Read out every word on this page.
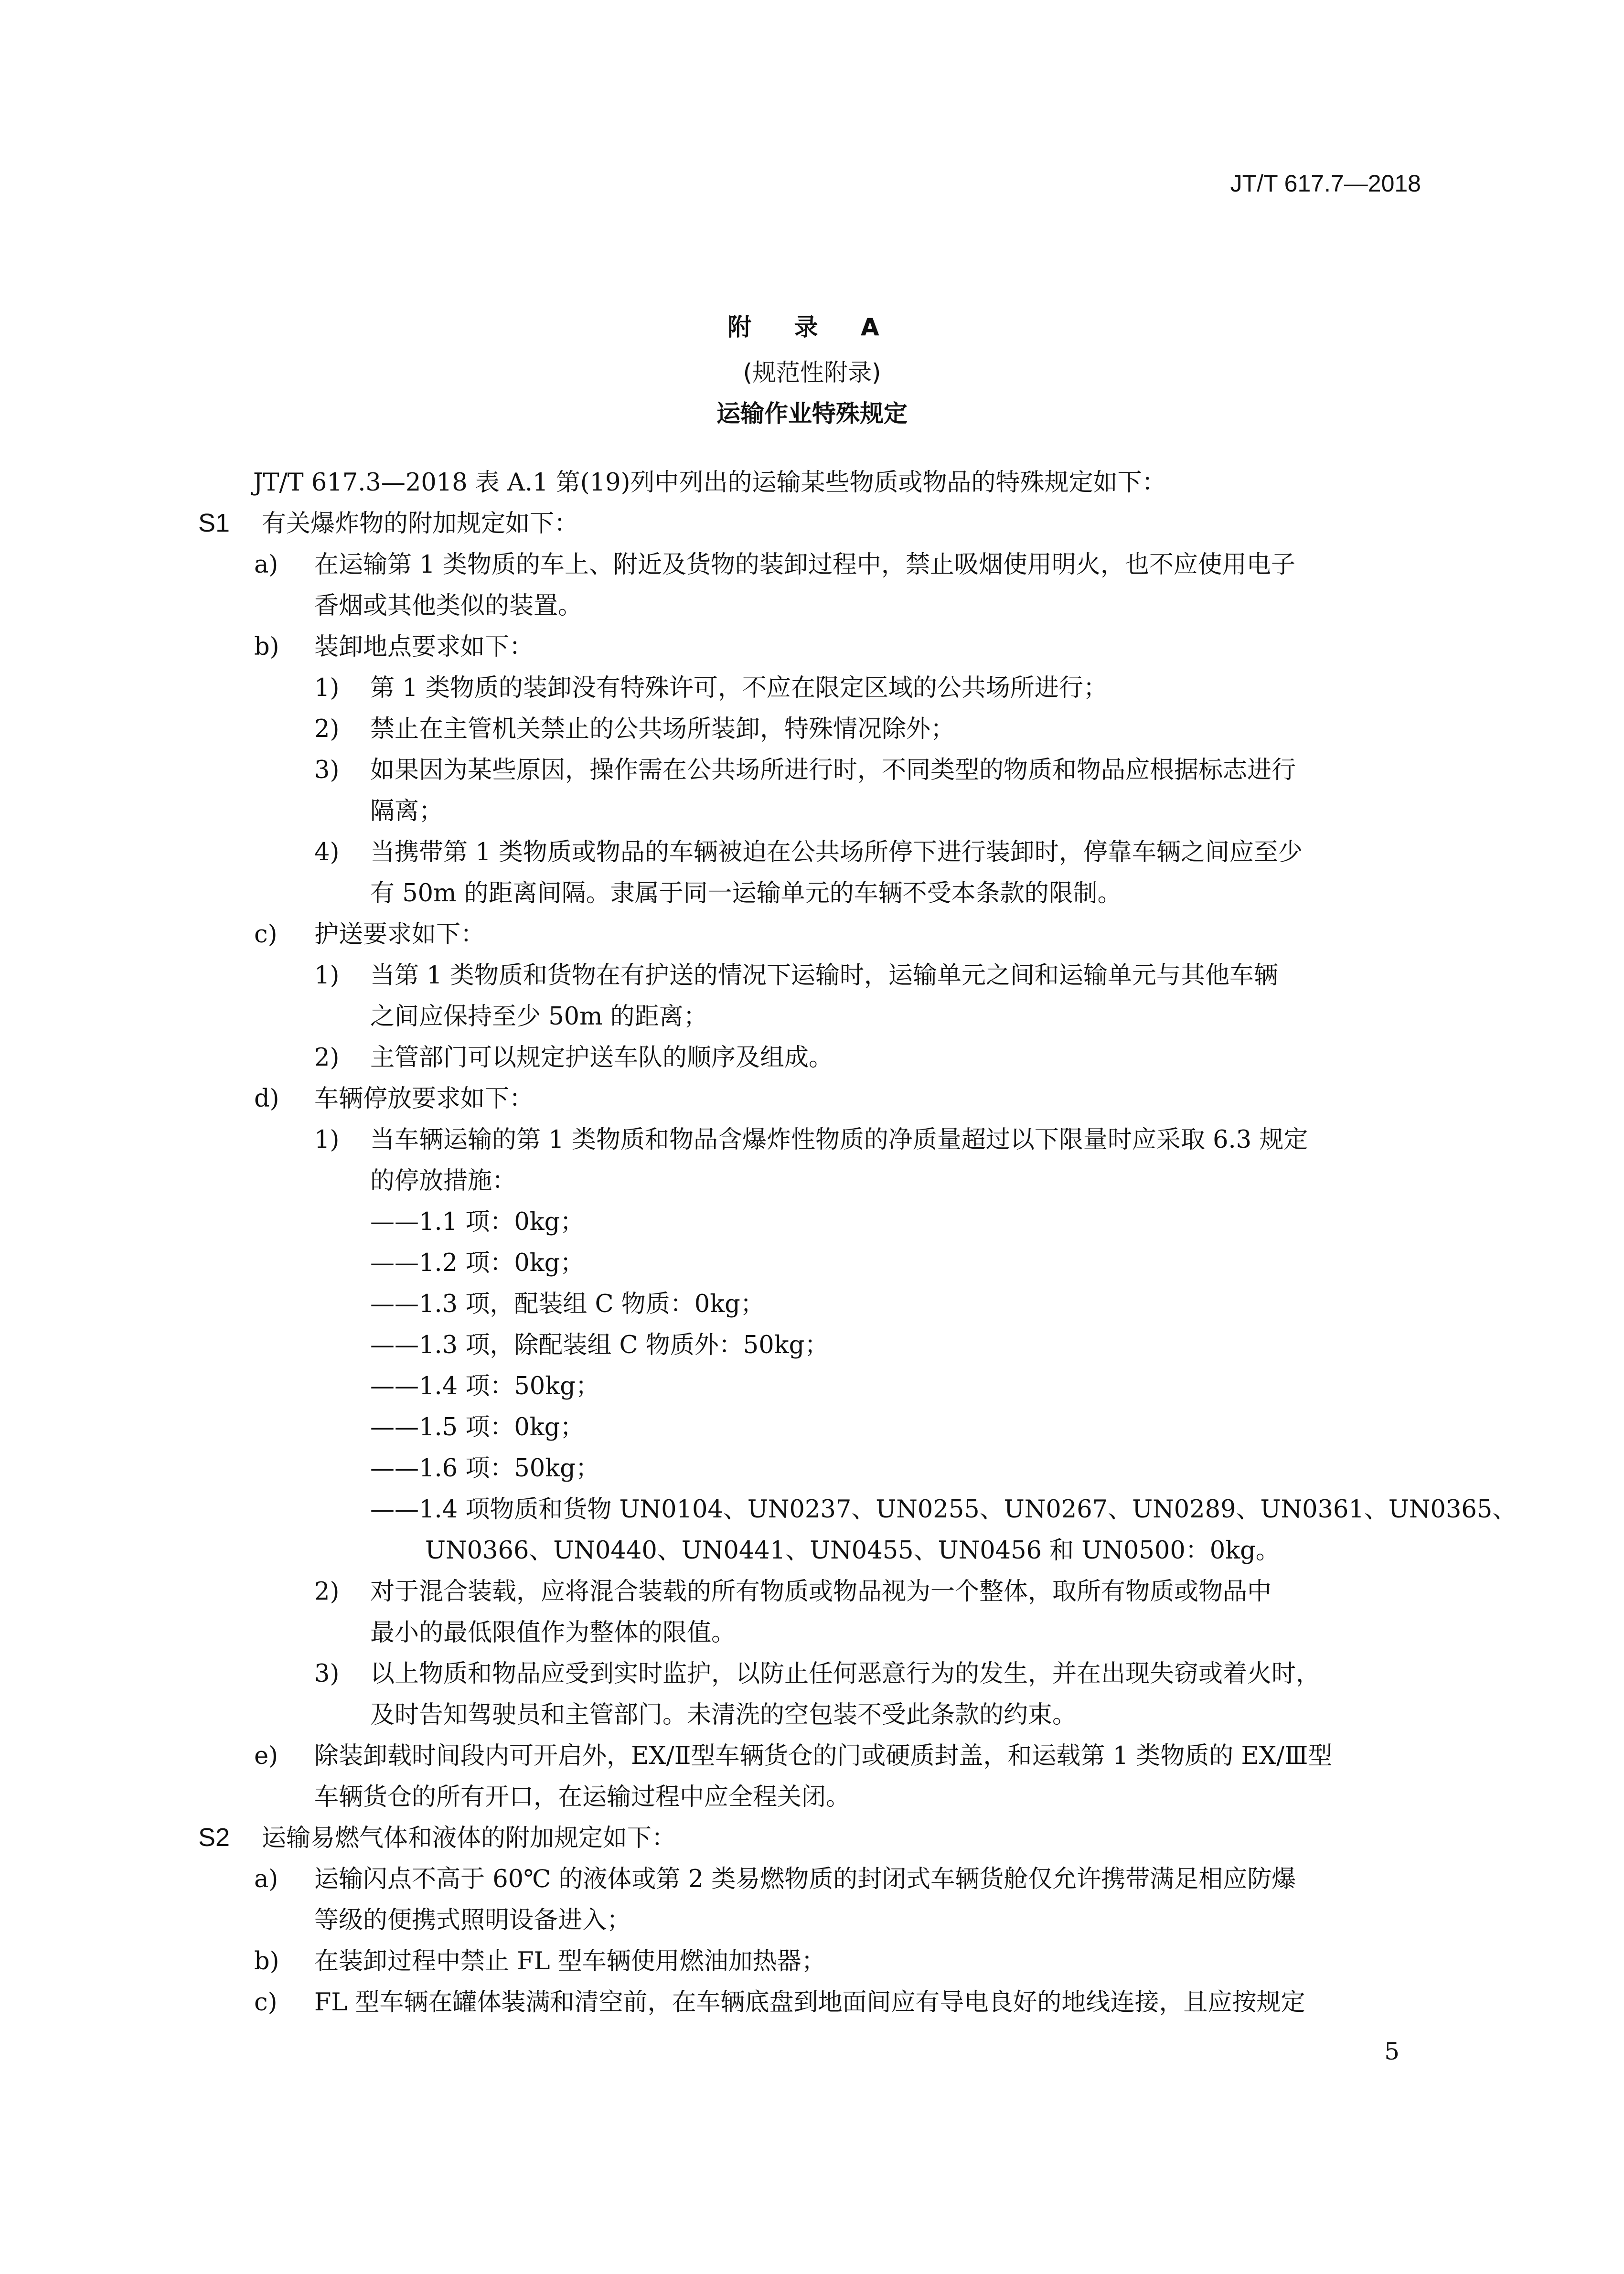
JT/T 617.7—2018
附 录 A
(规范性附录)
运输作业特殊规定
JT/T 617.3—2018 表 A.1 第(19)列中列出的运输某些物质或物品的特殊规定如下：
S1 有关爆炸物的附加规定如下：
a) 在运输第 1 类物质的车上、附近及货物的装卸过程中，禁止吸烟使用明火，也不应使用电子
香烟或其他类似的装置。
b) 装卸地点要求如下：
1) 第 1 类物质的装卸没有特殊许可，不应在限定区域的公共场所进行；
2) 禁止在主管机关禁止的公共场所装卸，特殊情况除外；
3) 如果因为某些原因，操作需在公共场所进行时，不同类型的物质和物品应根据标志进行
隔离；
4) 当携带第 1 类物质或物品的车辆被迫在公共场所停下进行装卸时，停靠车辆之间应至少
有 50m 的距离间隔。隶属于同一运输单元的车辆不受本条款的限制。
c) 护送要求如下：
1) 当第 1 类物质和货物在有护送的情况下运输时，运输单元之间和运输单元与其他车辆
之间应保持至少 50m 的距离；
2) 主管部门可以规定护送车队的顺序及组成。
d) 车辆停放要求如下：
1) 当车辆运输的第 1 类物质和物品含爆炸性物质的净质量超过以下限量时应采取 6.3 规定
的停放措施：
——1.1 项：0kg；
——1.2 项：0kg；
——1.3 项，配装组 C 物质：0kg；
——1.3 项，除配装组 C 物质外：50kg；
——1.4 项：50kg；
——1.5 项：0kg；
——1.6 项：50kg；
——1.4 项物质和货物 UN0104、UN0237、UN0255、UN0267、UN0289、UN0361、UN0365、
UN0366、UN0440、UN0441、UN0455、UN0456 和 UN0500：0kg。
2) 对于混合装载，应将混合装载的所有物质或物品视为一个整体，取所有物质或物品中
最小的最低限值作为整体的限值。
3) 以上物质和物品应受到实时监护，以防止任何恶意行为的发生，并在出现失窃或着火时，
及时告知驾驶员和主管部门。未清洗的空包装不受此条款的约束。
e) 除装卸载时间段内可开启外，EX/Ⅱ型车辆货仓的门或硬质封盖，和运载第 1 类物质的 EX/Ⅲ型
车辆货仓的所有开口，在运输过程中应全程关闭。
S2 运输易燃气体和液体的附加规定如下：
a) 运输闪点不高于 60℃ 的液体或第 2 类易燃物质的封闭式车辆货舱仅允许携带满足相应防爆
等级的便携式照明设备进入；
b) 在装卸过程中禁止 FL 型车辆使用燃油加热器；
c) FL 型车辆在罐体装满和清空前，在车辆底盘到地面间应有导电良好的地线连接，且应按规定
5
